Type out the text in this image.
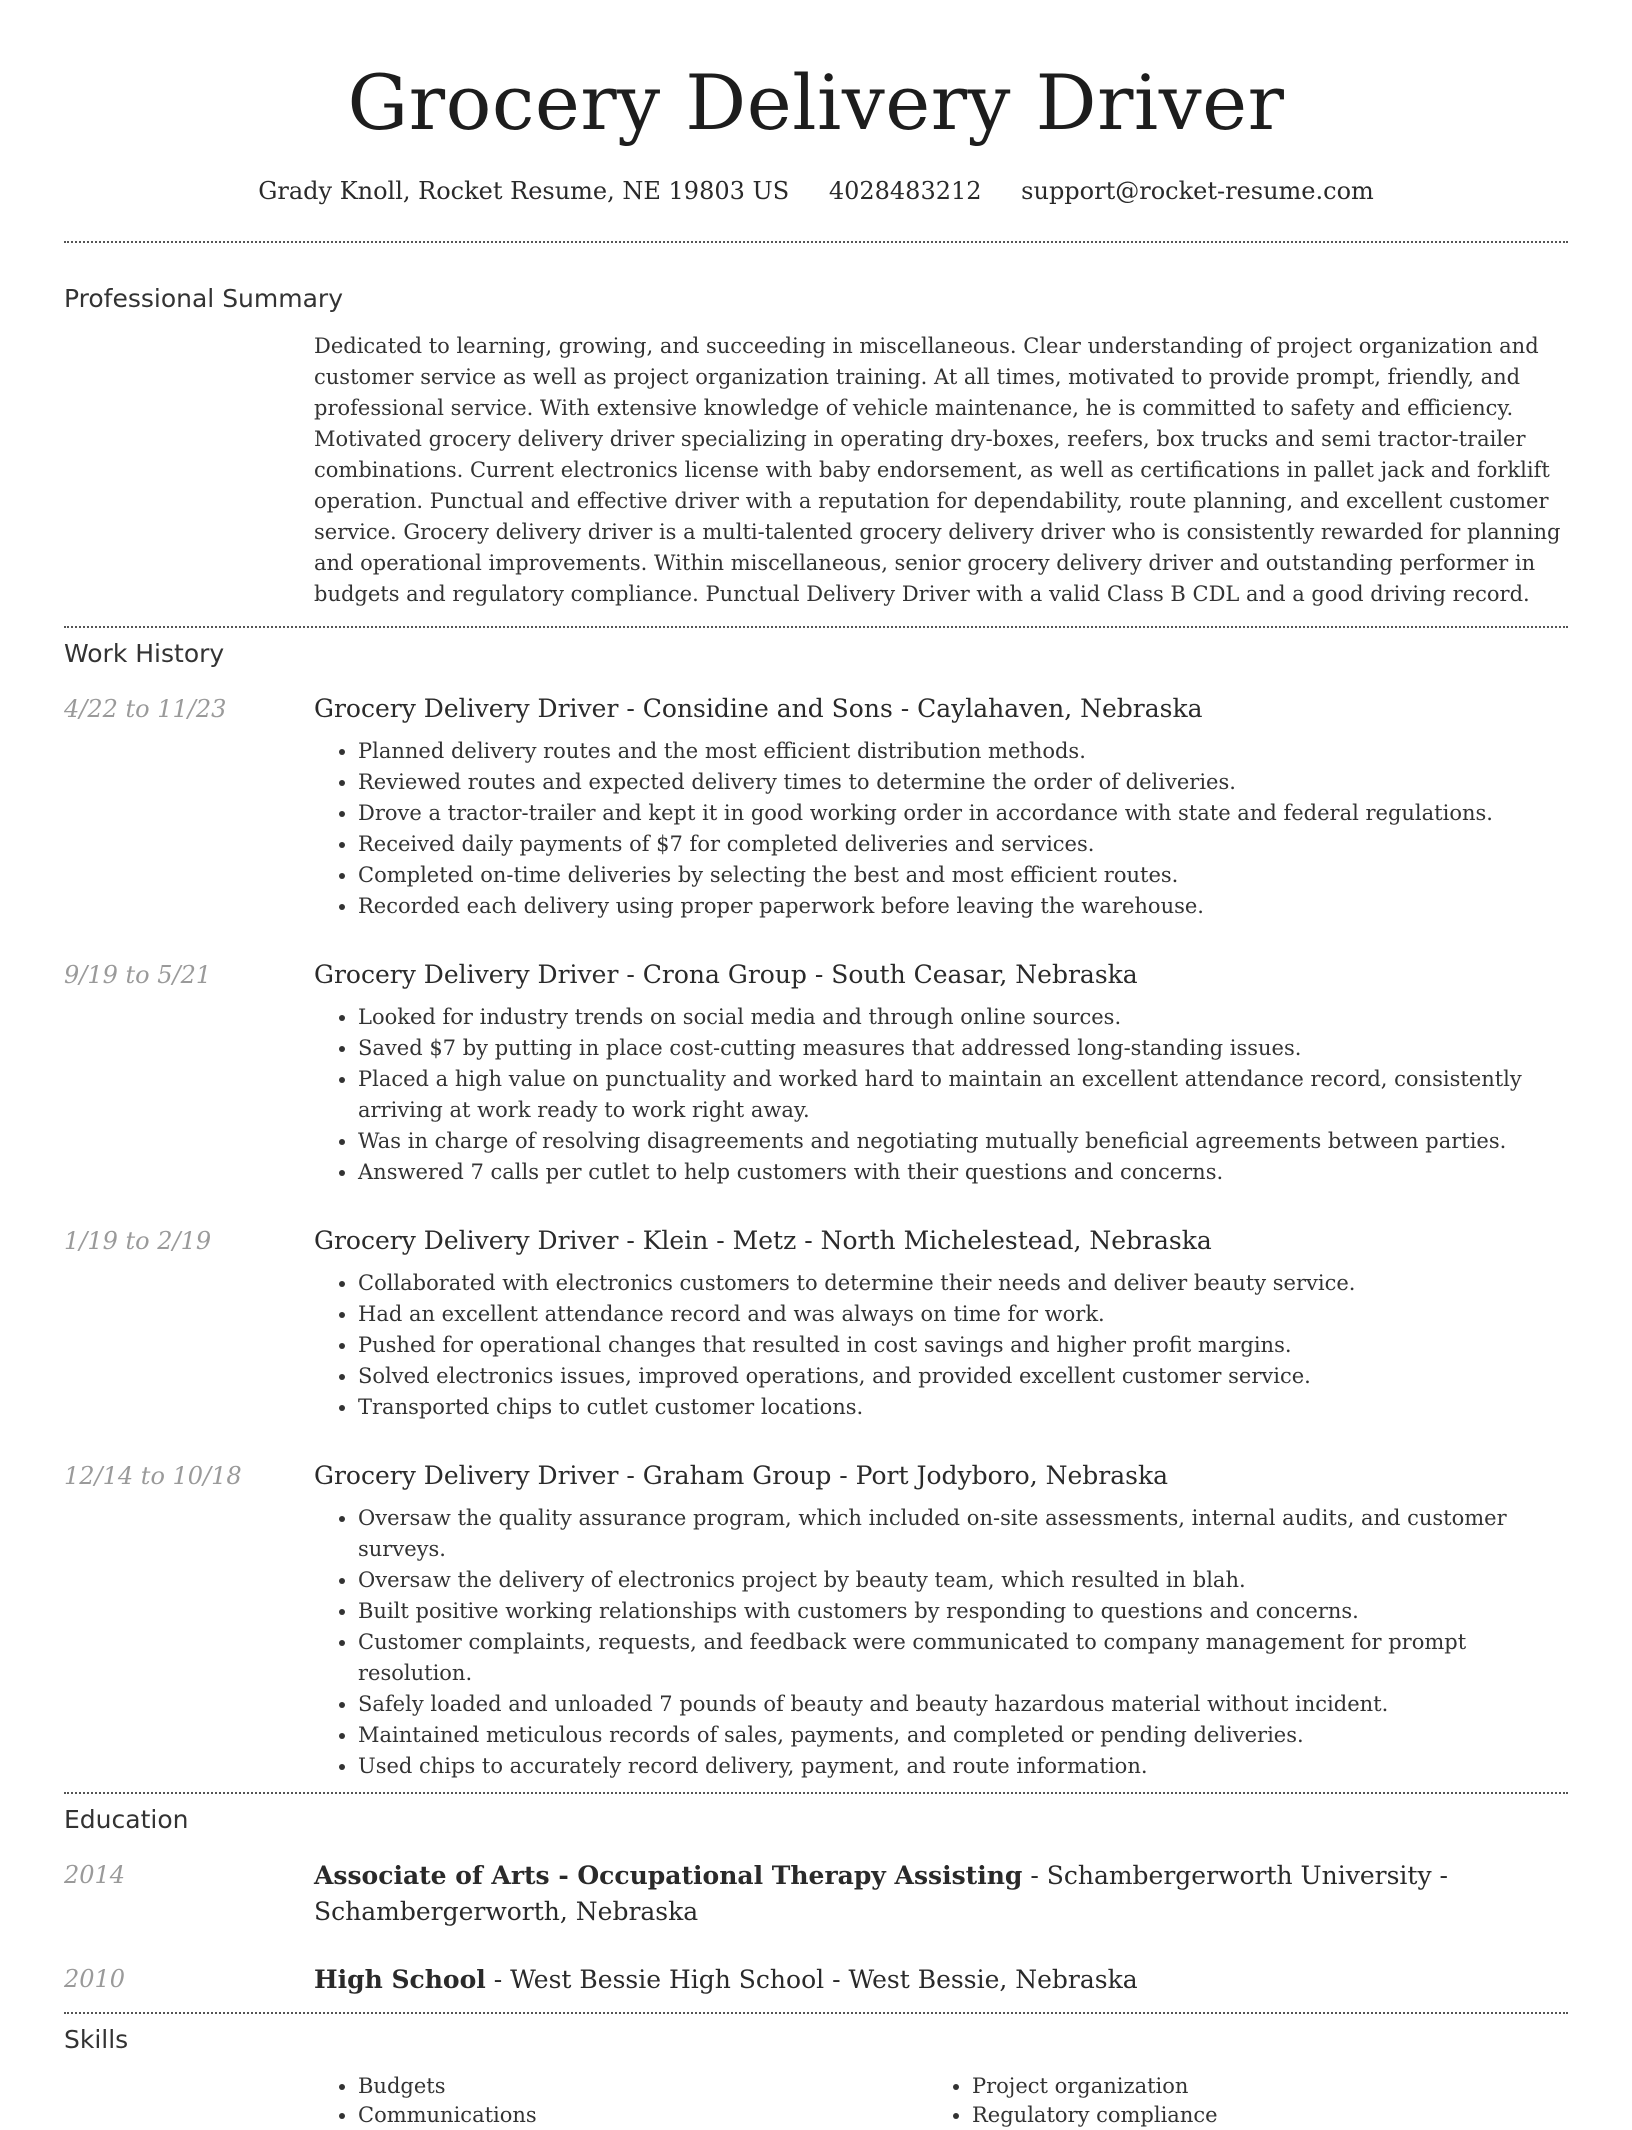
Grocery Delivery Driver
Grady Knoll, Rocket Resume, NE 19803 US 4028483212 support@rocket-resume.com
Professional Summary

Dedicated to learning, growing, and succeeding in miscellaneous. Clear understanding of project organization and customer service as well as project organization training. At all times, motivated to provide prompt, friendly, and professional service. With extensive knowledge of vehicle maintenance, he is committed to safety and efficiency. Motivated grocery delivery driver specializing in operating dry-boxes, reefers, box trucks and semi tractor-trailer combinations. Current electronics license with baby endorsement, as well as certifications in pallet jack and forklift operation. Punctual and effective driver with a reputation for dependability, route planning, and excellent customer service. Grocery delivery driver is a multi-talented grocery delivery driver who is consistently rewarded for planning and operational improvements. Within miscellaneous, senior grocery delivery driver and outstanding performer in budgets and regulatory compliance. Punctual Delivery Driver with a valid Class B CDL and a good driving record.

Work History
4/22 to 11/23	Grocery Delivery Driver - Considine and Sons - Caylahaven, Nebraska
• Planned delivery routes and the most efficient distribution methods.
• Reviewed routes and expected delivery times to determine the order of deliveries.
• Drove a tractor-trailer and kept it in good working order in accordance with state and federal regulations.
• Received daily payments of $7 for completed deliveries and services.
• Completed on-time deliveries by selecting the best and most efficient routes.
• Recorded each delivery using proper paperwork before leaving the warehouse.
9/19 to 5/21	Grocery Delivery Driver - Crona Group - South Ceasar, Nebraska
• Looked for industry trends on social media and through online sources.
• Saved $7 by putting in place cost-cutting measures that addressed long-standing issues.
• Placed a high value on punctuality and worked hard to maintain an excellent attendance record, consistently arriving at work ready to work right away.
• Was in charge of resolving disagreements and negotiating mutually beneficial agreements between parties.
• Answered 7 calls per cutlet to help customers with their questions and concerns.
1/19 to 2/19	Grocery Delivery Driver - Klein - Metz - North Michelestead, Nebraska
• Collaborated with electronics customers to determine their needs and deliver beauty service.
• Had an excellent attendance record and was always on time for work.
• Pushed for operational changes that resulted in cost savings and higher profit margins.
• Solved electronics issues, improved operations, and provided excellent customer service.
• Transported chips to cutlet customer locations.
12/14 to 10/18	Grocery Delivery Driver - Graham Group - Port Jodyboro, Nebraska
• Oversaw the quality assurance program, which included on-site assessments, internal audits, and customer surveys.
• Oversaw the delivery of electronics project by beauty team, which resulted in blah.
• Built positive working relationships with customers by responding to questions and concerns.
• Customer complaints, requests, and feedback were communicated to company management for prompt resolution.
• Safely loaded and unloaded 7 pounds of beauty and beauty hazardous material without incident.
• Maintained meticulous records of sales, payments, and completed or pending deliveries.
• Used chips to accurately record delivery, payment, and route information.
Education
2014	Associate of Arts - Occupational Therapy Assisting - Schambergerworth University - Schambergerworth, Nebraska
2010	High School - West Bessie High School - West Bessie, Nebraska
Skills
• Budgets
• Communications
• Project organization
• Regulatory compliance
